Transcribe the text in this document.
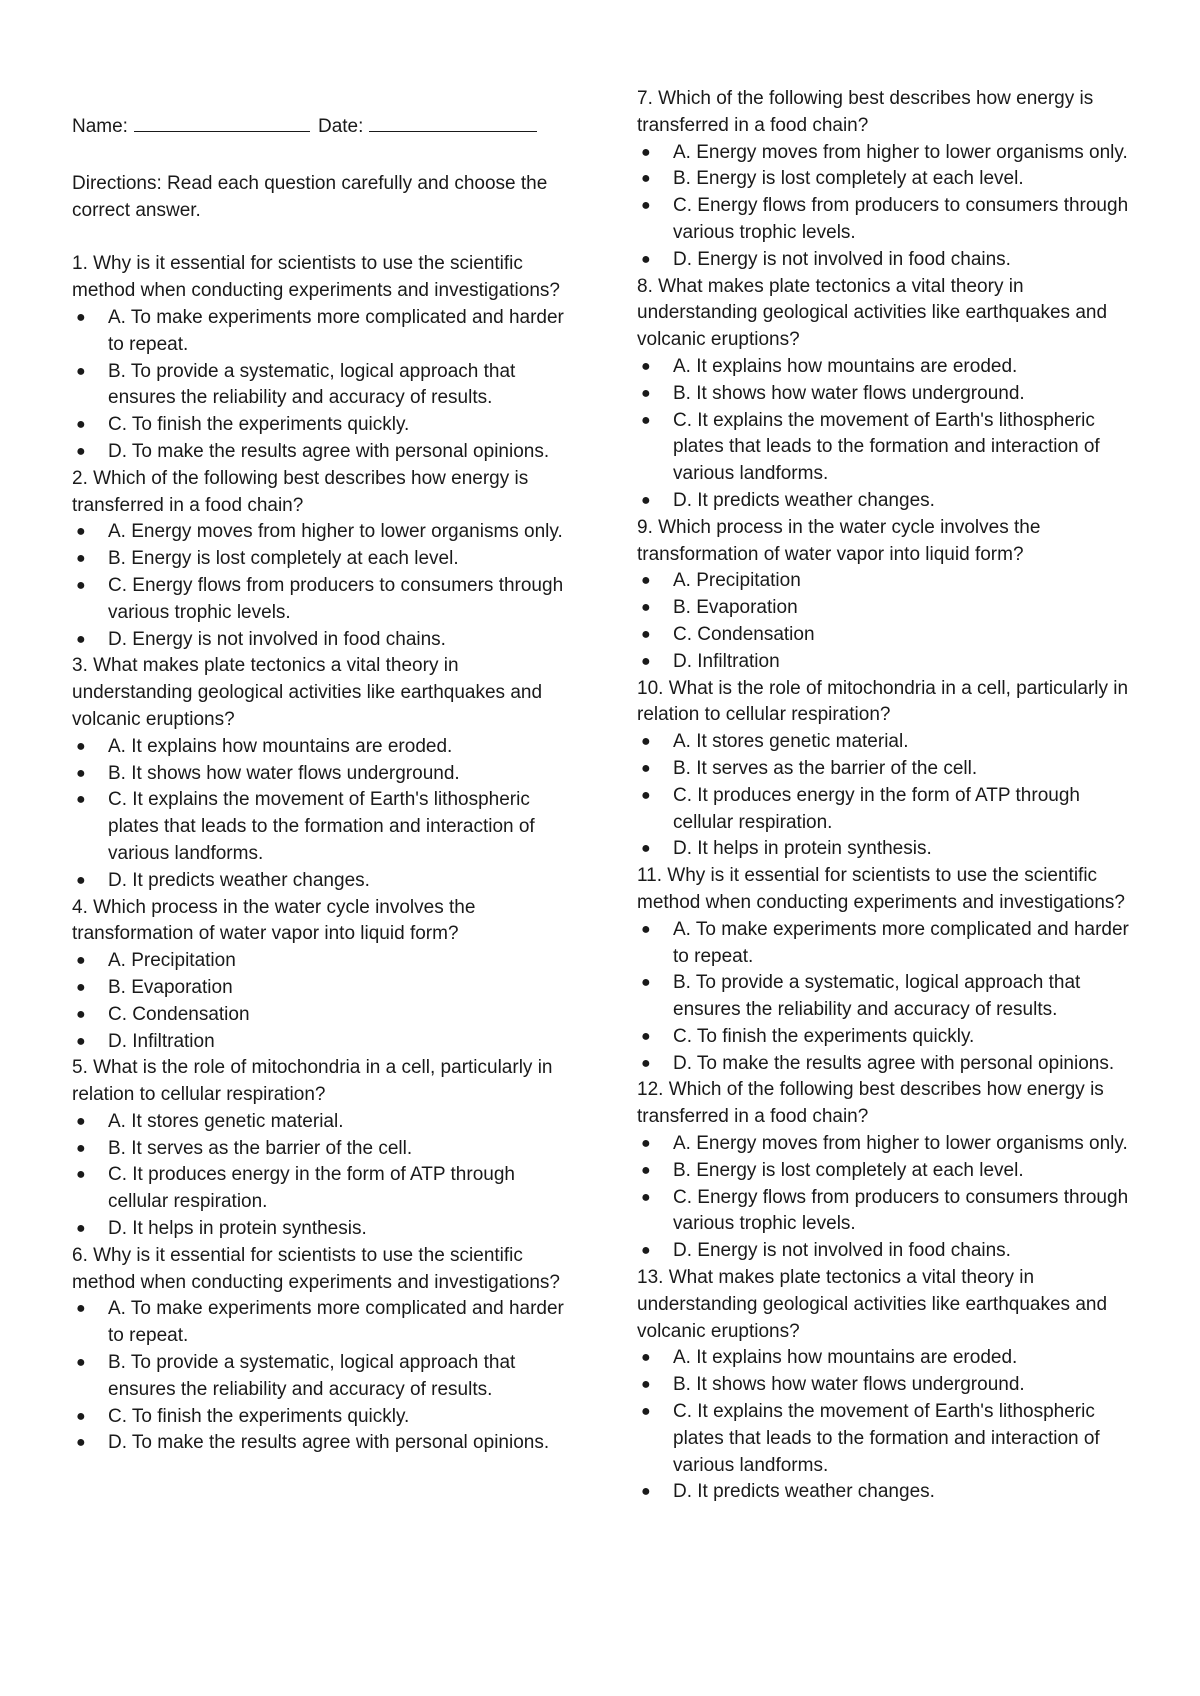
Name:	Date:

Directions: Read each question carefully and choose the correct answer.

1. Why is it essential for scientists to use the scientific method when conducting experiments and investigations?

● A. To make experiments more complicated and harder to repeat.
● B. To provide a systematic, logical approach that ensures the reliability and accuracy of results.
● C. To finish the experiments quickly.
● D. To make the results agree with personal opinions.

2. Which of the following best describes how energy is transferred in a food chain?

● A. Energy moves from higher to lower organisms only.
● B. Energy is lost completely at each level.
● C. Energy flows from producers to consumers through various trophic levels.
● D. Energy is not involved in food chains.

3. What makes plate tectonics a vital theory in understanding geological activities like earthquakes and volcanic eruptions?

● A. It explains how mountains are eroded.
● B. It shows how water flows underground.
● C. It explains the movement of Earth's lithospheric plates that leads to the formation and interaction of various landforms.
● D. It predicts weather changes.

4. Which process in the water cycle involves the transformation of water vapor into liquid form?

● A. Precipitation
● B. Evaporation
● C. Condensation
● D. Infiltration

5. What is the role of mitochondria in a cell, particularly in relation to cellular respiration?

● A. It stores genetic material.
● B. It serves as the barrier of the cell.
● C. It produces energy in the form of ATP through cellular respiration.
● D. It helps in protein synthesis.

6. Why is it essential for scientists to use the scientific method when conducting experiments and investigations?

● A. To make experiments more complicated and harder to repeat.
● B. To provide a systematic, logical approach that ensures the reliability and accuracy of results.
● C. To finish the experiments quickly.
● D. To make the results agree with personal opinions.

7. Which of the following best describes how energy is transferred in a food chain?

● A. Energy moves from higher to lower organisms only.
● B. Energy is lost completely at each level.
● C. Energy flows from producers to consumers through various trophic levels.
● D. Energy is not involved in food chains.

8. What makes plate tectonics a vital theory in understanding geological activities like earthquakes and volcanic eruptions?

● A. It explains how mountains are eroded.
● B. It shows how water flows underground.
● C. It explains the movement of Earth's lithospheric plates that leads to the formation and interaction of various landforms.
● D. It predicts weather changes.

9. Which process in the water cycle involves the transformation of water vapor into liquid form?

● A. Precipitation
● B. Evaporation
● C. Condensation
● D. Infiltration

10. What is the role of mitochondria in a cell, particularly in relation to cellular respiration?

● A. It stores genetic material.
● B. It serves as the barrier of the cell.
● C. It produces energy in the form of ATP through cellular respiration.
● D. It helps in protein synthesis.

11. Why is it essential for scientists to use the scientific method when conducting experiments and investigations?

● A. To make experiments more complicated and harder to repeat.
● B. To provide a systematic, logical approach that ensures the reliability and accuracy of results.
● C. To finish the experiments quickly.
● D. To make the results agree with personal opinions.

12. Which of the following best describes how energy is transferred in a food chain?

● A. Energy moves from higher to lower organisms only.
● B. Energy is lost completely at each level.
● C. Energy flows from producers to consumers through various trophic levels.
● D. Energy is not involved in food chains.

13. What makes plate tectonics a vital theory in understanding geological activities like earthquakes and volcanic eruptions?

● A. It explains how mountains are eroded.
● B. It shows how water flows underground.
● C. It explains the movement of Earth's lithospheric plates that leads to the formation and interaction of various landforms.
● D. It predicts weather changes.
